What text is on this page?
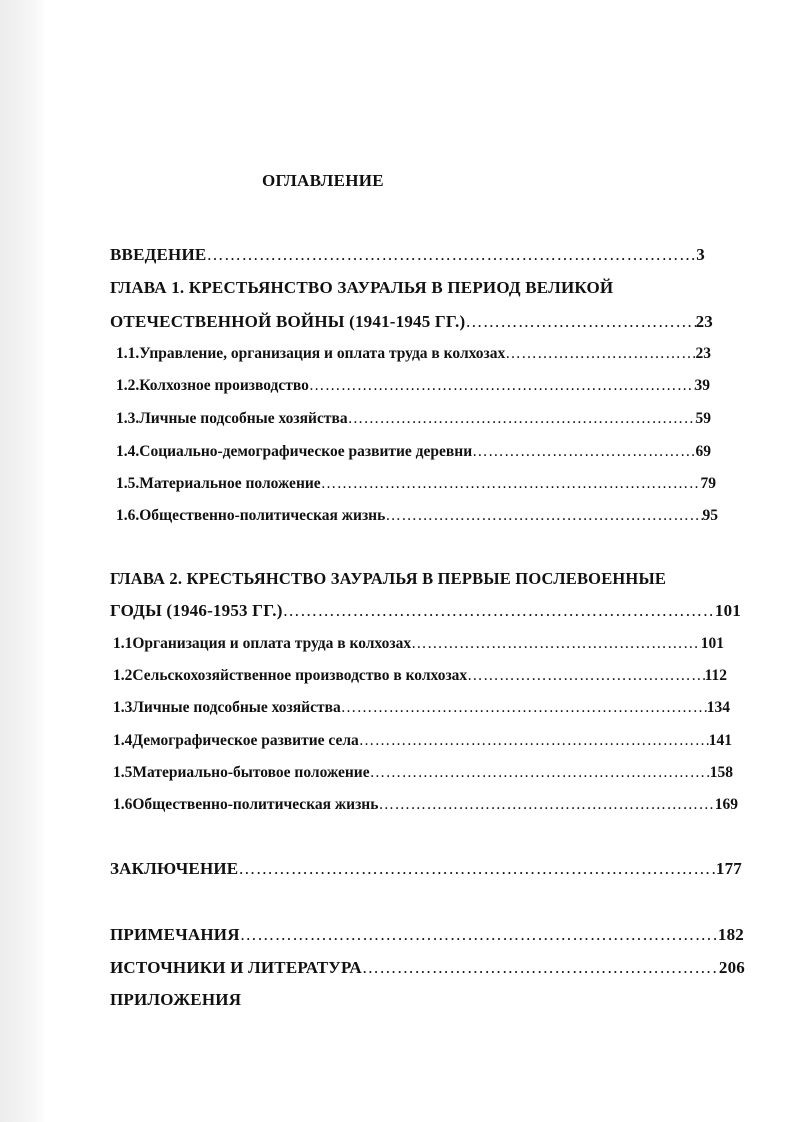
ОГЛАВЛЕНИЕ
ВВЕДЕНИЕ …………………………………………………………………………………………………………………………………………………………………………………	3
ГЛАВА 1. КРЕСТЬЯНСТВО ЗАУРАЛЬЯ В ПЕРИОД ВЕЛИКОЙ
ОТЕЧЕСТВЕННОЙ ВОЙНЫ (1941-1945 ГГ.) …………………………………………………………………………………………………………………………………………………………………………………	23
1.1. Управление, организация и оплата труда в колхозах …………………………………………………………………………………………………………………………………………………………………………………	23
1.2. Колхозное производство …………………………………………………………………………………………………………………………………………………………………………………	39
1.3. Личные подсобные хозяйства …………………………………………………………………………………………………………………………………………………………………………………	59
1.4. Социально-демографическое развитие деревни …………………………………………………………………………………………………………………………………………………………………………………	69
1.5. Материальное положение …………………………………………………………………………………………………………………………………………………………………………………	79
1.6. Общественно-политическая жизнь …………………………………………………………………………………………………………………………………………………………………………………	95
ГЛАВА 2. КРЕСТЬЯНСТВО ЗАУРАЛЬЯ В ПЕРВЫЕ ПОСЛЕВОЕННЫЕ
ГОДЫ (1946-1953 ГГ.) …………………………………………………………………………………………………………………………………………………………………………………	101
1.1 Организация и оплата труда в колхозах …………………………………………………………………………………………………………………………………………………………………………………	101
1.2 Сельскохозяйственное производство в колхозах …………………………………………………………………………………………………………………………………………………………………………………	112
1.3 Личные подсобные хозяйства …………………………………………………………………………………………………………………………………………………………………………………	134
1.4 Демографическое развитие села …………………………………………………………………………………………………………………………………………………………………………………	141
1.5 Материально-бытовое положение …………………………………………………………………………………………………………………………………………………………………………………	158
1.6 Общественно-политическая жизнь …………………………………………………………………………………………………………………………………………………………………………………	169
ЗАКЛЮЧЕНИЕ …………………………………………………………………………………………………………………………………………………………………………………	177
ПРИМЕЧАНИЯ …………………………………………………………………………………………………………………………………………………………………………………	182
ИСТОЧНИКИ И ЛИТЕРАТУРА …………………………………………………………………………………………………………………………………………………………………………………	206
ПРИЛОЖЕНИЯ
